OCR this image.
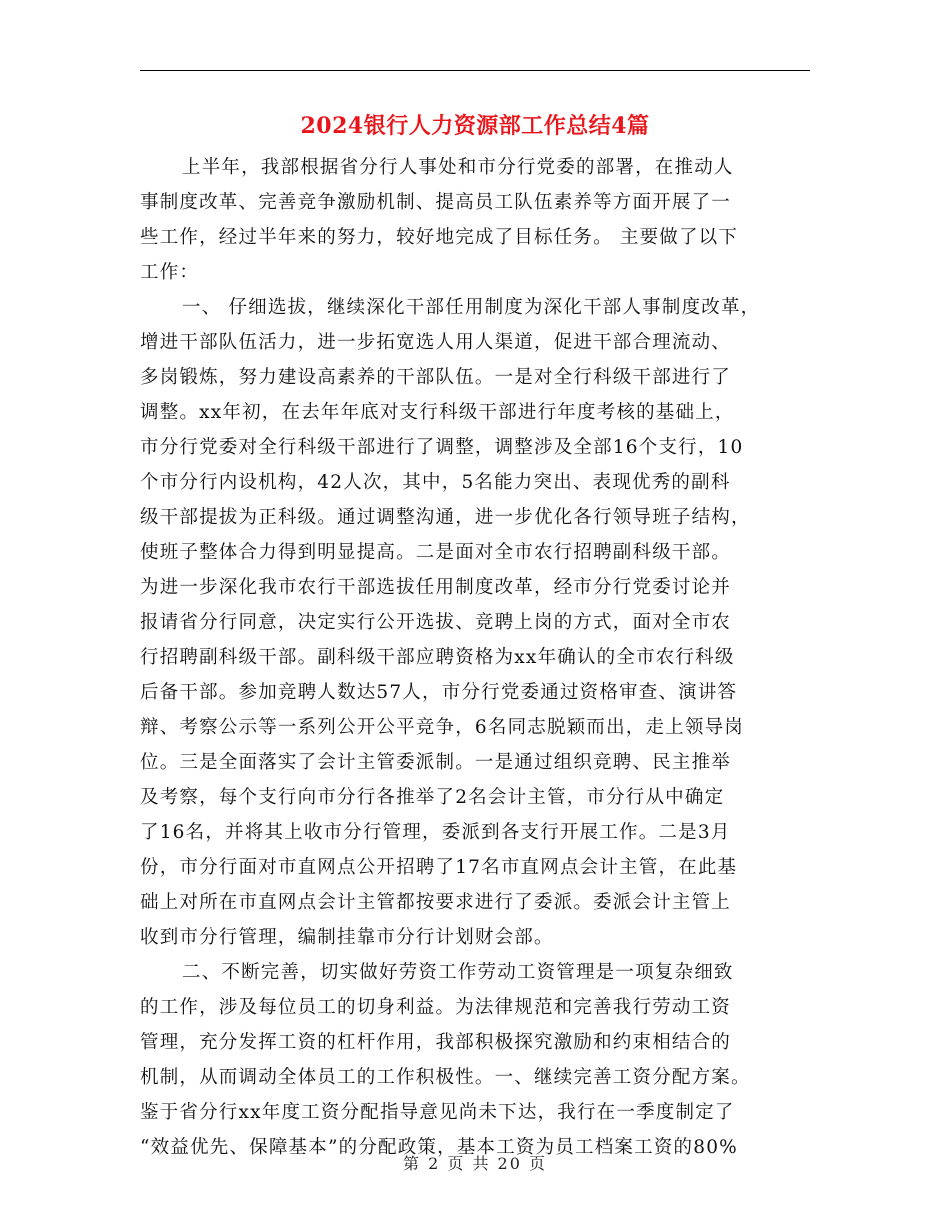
2024银行人力资源部工作总结4篇
上半年，我部根据省分行人事处和市分行党委的部署，在推动人
事制度改革、完善竞争激励机制、提高员工队伍素养等方面开展了一
些工作，经过半年来的努力，较好地完成了目标任务。 主要做了以下
工作：
一、 仔细选拔，继续深化干部任用制度为深化干部人事制度改革，
增进干部队伍活力，进一步拓宽选人用人渠道，促进干部合理流动、
多岗锻炼，努力建设高素养的干部队伍。一是对全行科级干部进行了
调整。xx年初，在去年年底对支行科级干部进行年度考核的基础上，
市分行党委对全行科级干部进行了调整，调整涉及全部16个支行，10
个市分行内设机构，42人次，其中，5名能力突出、表现优秀的副科
级干部提拔为正科级。通过调整沟通，进一步优化各行领导班子结构，
使班子整体合力得到明显提高。二是面对全市农行招聘副科级干部。
为进一步深化我市农行干部选拔任用制度改革，经市分行党委讨论并
报请省分行同意，决定实行公开选拔、竞聘上岗的方式，面对全市农
行招聘副科级干部。副科级干部应聘资格为xx年确认的全市农行科级
后备干部。参加竞聘人数达57人，市分行党委通过资格审查、演讲答
辩、考察公示等一系列公开公平竞争，6名同志脱颖而出，走上领导岗
位。三是全面落实了会计主管委派制。一是通过组织竞聘、民主推举
及考察，每个支行向市分行各推举了2名会计主管，市分行从中确定
了16名，并将其上收市分行管理，委派到各支行开展工作。二是3月
份，市分行面对市直网点公开招聘了17名市直网点会计主管，在此基
础上对所在市直网点会计主管都按要求进行了委派。委派会计主管上
收到市分行管理，编制挂靠市分行计划财会部。
二、不断完善，切实做好劳资工作劳动工资管理是一项复杂细致
的工作，涉及每位员工的切身利益。为法律规范和完善我行劳动工资
管理，充分发挥工资的杠杆作用，我部积极探究激励和约束相结合的
机制，从而调动全体员工的工作积极性。一、继续完善工资分配方案。
鉴于省分行xx年度工资分配指导意见尚未下达，我行在一季度制定了
“效益优先、保障基本”的分配政策，基本工资为员工档案工资的80%
第 2 页 共 20 页
